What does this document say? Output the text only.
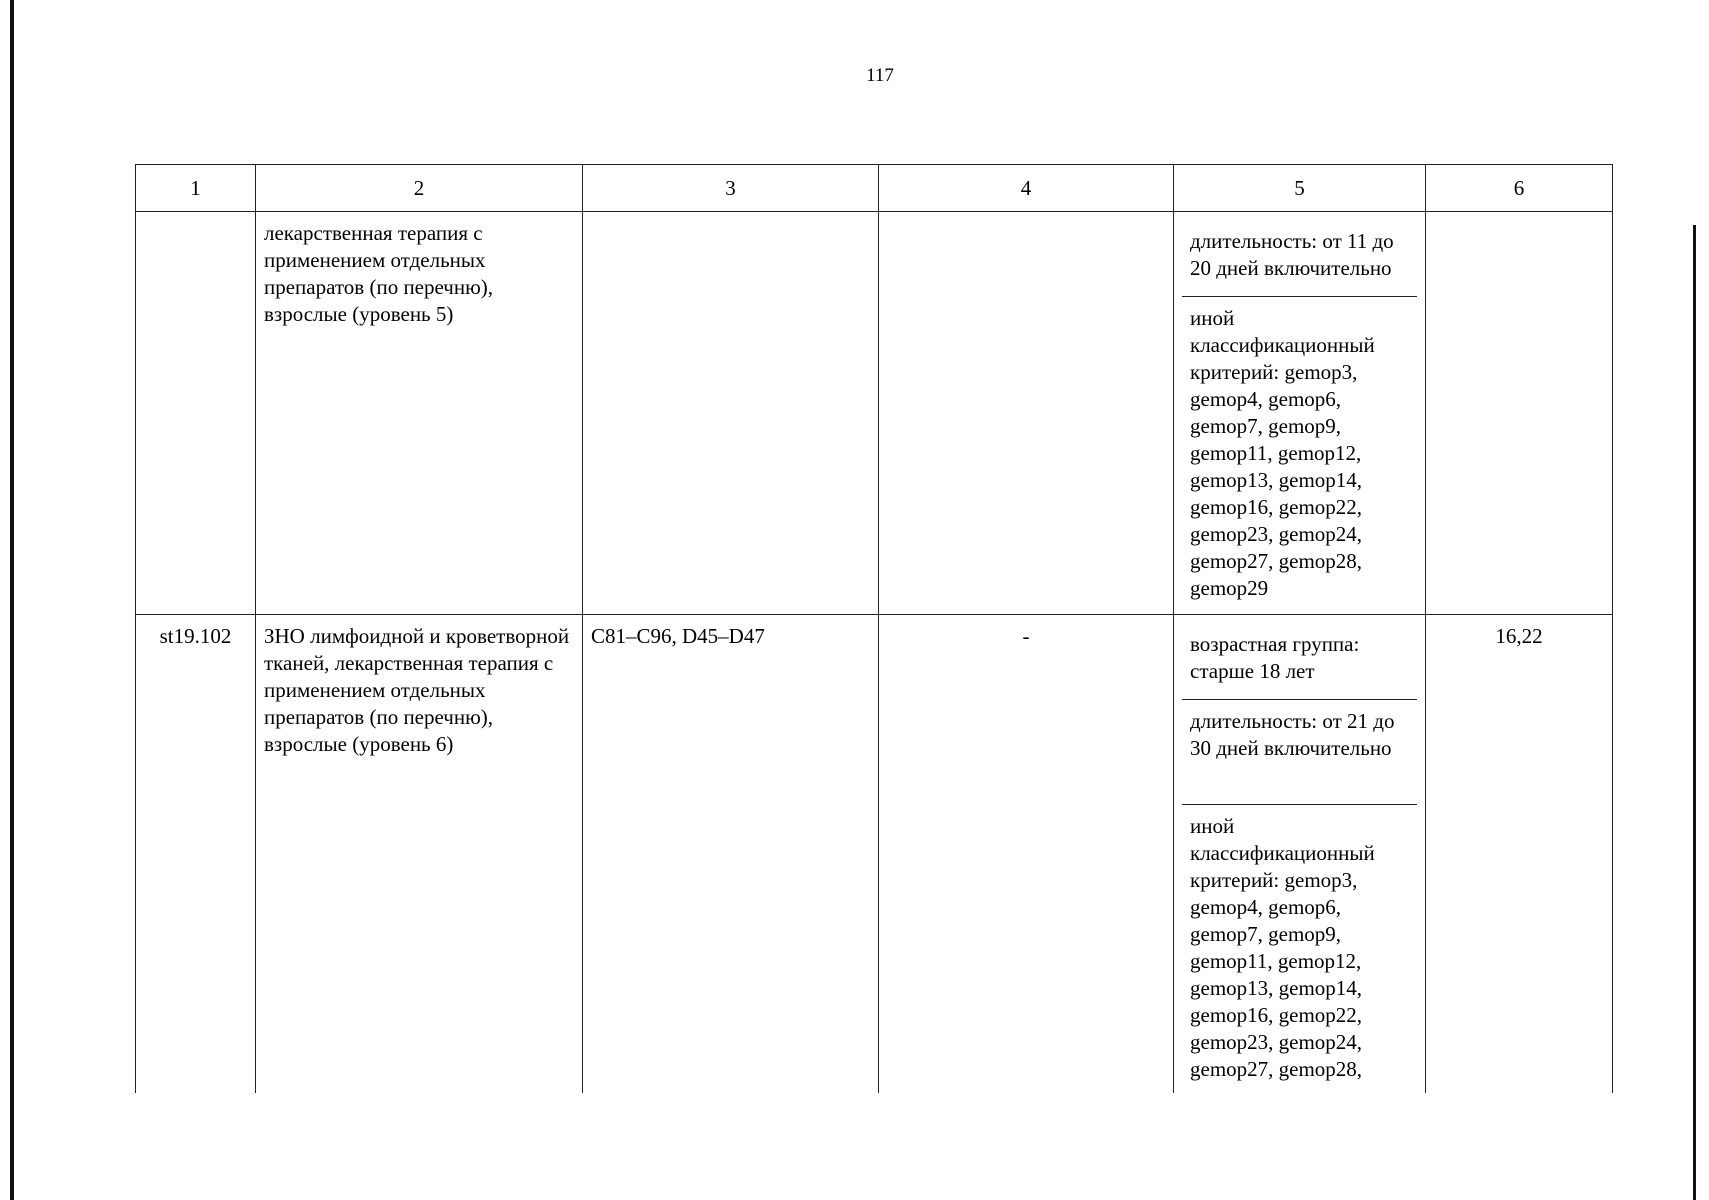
117
1	2	3	4	5	6
	лекарственная терапия с применением отдельных препаратов (по перечню), взрослые (уровень 5)			длительность: от 11 до 20 дней включительно
иной классификационный критерий: gemop3, gemop4, gemop6, gemop7, gemop9, gemop11, gemop12, gemop13, gemop14, gemop16, gemop22, gemop23, gemop24, gemop27, gemop28, gemop29	

st19.102	ЗНО лимфоидной и кроветворной тканей, лекарственная терапия с применением отдельных препаратов (по перечню), взрослые (уровень 6)	C81–C96, D45–D47	-	возрастная группа: старше 18 лет
длительность: от 21 до 30 дней включительно
иной классификационный критерий: gemop3, gemop4, gemop6, gemop7, gemop9, gemop11, gemop12, gemop13, gemop14, gemop16, gemop22, gemop23, gemop24, gemop27, gemop28,	16,22
